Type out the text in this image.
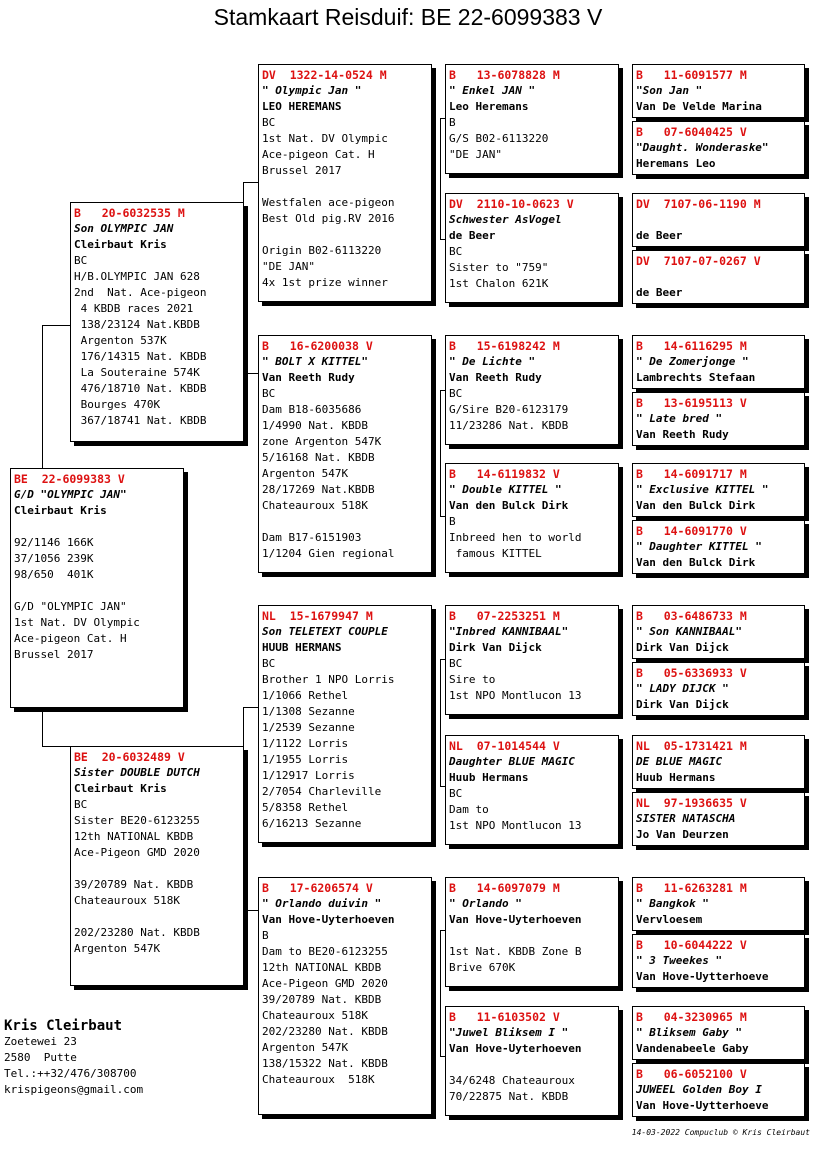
Stamkaart Reisduif: BE 22-6099383 V
BE  22-6099383 V
G/D "OLYMPIC JAN"
Cleirbaut Kris
92/1146 166K
37/1056 239K
98/650  401K
G/D "OLYMPIC JAN"
1st Nat. DV Olympic
Ace-pigeon Cat. H
Brussel 2017
B   20-6032535 M
Son OLYMPIC JAN
Cleirbaut Kris
BC
H/B.OLYMPIC JAN 628
2nd  Nat. Ace-pigeon
4 KBDB races 2021
138/23124 Nat.KBDB
Argenton 537K
176/14315 Nat. KBDB
La Souteraine 574K
476/18710 Nat. KBDB
Bourges 470K
367/18741 Nat. KBDB
BE  20-6032489 V
Sister DOUBLE DUTCH
Cleirbaut Kris
BC
Sister BE20-6123255
12th NATIONAL KBDB
Ace-Pigeon GMD 2020
39/20789 Nat. KBDB
Chateauroux 518K
202/23280 Nat. KBDB
Argenton 547K
DV  1322-14-0524 M
" Olympic Jan "
LEO HEREMANS
BC
1st Nat. DV Olympic
Ace-pigeon Cat. H
Brussel 2017
Westfalen ace-pigeon
Best Old pig.RV 2016
Origin B02-6113220
"DE JAN"
4x 1st prize winner
B   16-6200038 V
" BOLT X KITTEL"
Van Reeth Rudy
BC
Dam B18-6035686
1/4990 Nat. KBDB
zone Argenton 547K
5/16168 Nat. KBDB
Argenton 547K
28/17269 Nat.KBDB
Chateauroux 518K
Dam B17-6151903
1/1204 Gien regional
NL  15-1679947 M
Son TELETEXT COUPLE
HUUB HERMANS
BC
Brother 1 NPO Lorris
1/1066 Rethel
1/1308 Sezanne
1/2539 Sezanne
1/1122 Lorris
1/1955 Lorris
1/12917 Lorris
2/7054 Charleville
5/8358 Rethel
6/16213 Sezanne
B   17-6206574 V
" Orlando duivin "
Van Hove-Uyterhoeven
B
Dam to BE20-6123255
12th NATIONAL KBDB
Ace-Pigeon GMD 2020
39/20789 Nat. KBDB
Chateauroux 518K
202/23280 Nat. KBDB
Argenton 547K
138/15322 Nat. KBDB
Chateauroux  518K
B   13-6078828 M
" Enkel JAN "
Leo Heremans
B
G/S B02-6113220
"DE JAN"
DV  2110-10-0623 V
Schwester AsVogel
de Beer
BC
Sister to "759"
1st Chalon 621K
B   15-6198242 M
" De Lichte "
Van Reeth Rudy
BC
G/Sire B20-6123179
11/23286 Nat. KBDB
B   14-6119832 V
" Double KITTEL "
Van den Bulck Dirk
B
Inbreed hen to world
famous KITTEL
B   07-2253251 M
"Inbred KANNIBAAL"
Dirk Van Dijck
BC
Sire to
1st NPO Montlucon 13
NL  07-1014544 V
Daughter BLUE MAGIC
Huub Hermans
BC
Dam to
1st NPO Montlucon 13
B   14-6097079 M
" Orlando "
Van Hove-Uyterhoeven
1st Nat. KBDB Zone B
Brive 670K
B   11-6103502 V
"Juwel Bliksem I "
Van Hove-Uyterhoeven
34/6248 Chateauroux
70/22875 Nat. KBDB
B   11-6091577 M
"Son Jan "
Van De Velde Marina
B   07-6040425 V
"Daught. Wonderaske"
Heremans Leo
DV  7107-06-1190 M
de Beer
DV  7107-07-0267 V
de Beer
B   14-6116295 M
" De Zomerjonge "
Lambrechts Stefaan
B   13-6195113 V
" Late bred "
Van Reeth Rudy
B   14-6091717 M
" Exclusive KITTEL "
Van den Bulck Dirk
B   14-6091770 V
" Daughter KITTEL "
Van den Bulck Dirk
B   03-6486733 M
" Son KANNIBAAL"
Dirk Van Dijck
B   05-6336933 V
" LADY DIJCK "
Dirk Van Dijck
NL  05-1731421 M
DE BLUE MAGIC
Huub Hermans
NL  97-1936635 V
SISTER NATASCHA
Jo Van Deurzen
B   11-6263281 M
" Bangkok "
Vervloesem
B   10-6044222 V
" 3 Tweekes "
Van Hove-Uytterhoeve
B   04-3230965 M
" Bliksem Gaby "
Vandenabeele Gaby
B   06-6052100 V
JUWEEL Golden Boy I
Van Hove-Uytterhoeve
Kris Cleirbaut
Zoetewei 23
2580  Putte
Tel.:++32/476/308700
krispigeons@gmail.com
14-03-2022 Compuclub © Kris Cleirbaut
